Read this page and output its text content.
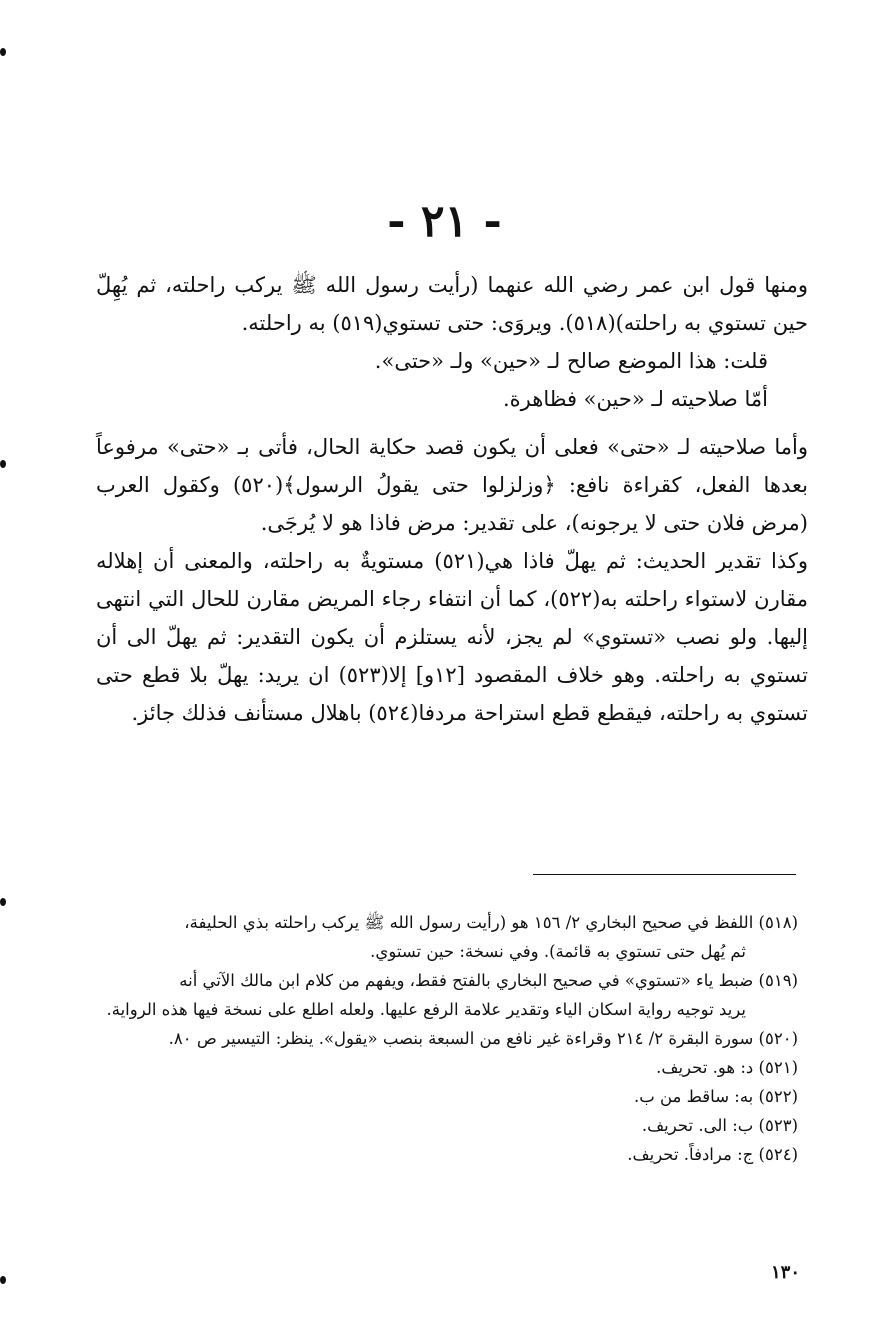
- ٢١ -

ومنها قول ابن عمر رضي الله عنهما (رأيت رسول الله ﷺ يركب راحلته، ثم يُهِلّ حين تستوي به راحلته)(٥١٨). ويروَى: حتى تستوي(٥١٩) به راحلته.

قلت: هذا الموضع صالح لـ «حين» ولـ «حتى».

أمّا صلاحيته لـ «حين» فظاهرة.

وأما صلاحيته لـ «حتى» فعلى أن يكون قصد حكاية الحال، فأتى بـ «حتى» مرفوعاً بعدها الفعل، كقراءة نافع: ﴿وزلزلوا حتى يقولُ الرسول﴾(٥٢٠) وكقول العرب (مرض فلان حتى لا يرجونه)، على تقدير: مرض فاذا هو لا يُرجَى.

وكذا تقدير الحديث: ثم يهلّ فاذا هي(٥٢١) مستويةٌ به راحلته، والمعنى أن إهلاله مقارن لاستواء راحلته به(٥٢٢)، كما أن انتفاء رجاء المريض مقارن للحال التي انتهى إليها. ولو نصب «تستوي» لم يجز، لأنه يستلزم أن يكون التقدير: ثم يهلّ الى أن تستوي به راحلته. وهو خلاف المقصود [١٢و] إلا(٥٢٣) ان يريد: يهلّ بلا قطع حتى تستوي به راحلته، فيقطع قطع استراحة مردفا(٥٢٤) باهلال مستأنف فذلك جائز.

(٥١٨) اللفظ في صحيح البخاري ٢/ ١٥٦ هو (رأيت رسول الله ﷺ يركب راحلته بذي الحليفة،

ثم يُهل حتى تستوي به قائمة). وفي نسخة: حين تستوي.

(٥١٩) ضبط ياء «تستوي» في صحيح البخاري بالفتح فقط، ويفهم من كلام ابن مالك الآتي أنه

يريد توجيه رواية اسكان الياء وتقدير علامة الرفع عليها. ولعله اطلع على نسخة فيها هذه الرواية.

(٥٢٠) سورة البقرة ٢/ ٢١٤ وقراءة غير نافع من السبعة بنصب «يقول». ينظر: التيسير ص ٨٠.

(٥٢١) د: هو. تحريف.

(٥٢٢) به: ساقط من ب.

(٥٢٣) ب: الى. تحريف.

(٥٢٤) ج: مرادفاً. تحريف.

١٣٠
